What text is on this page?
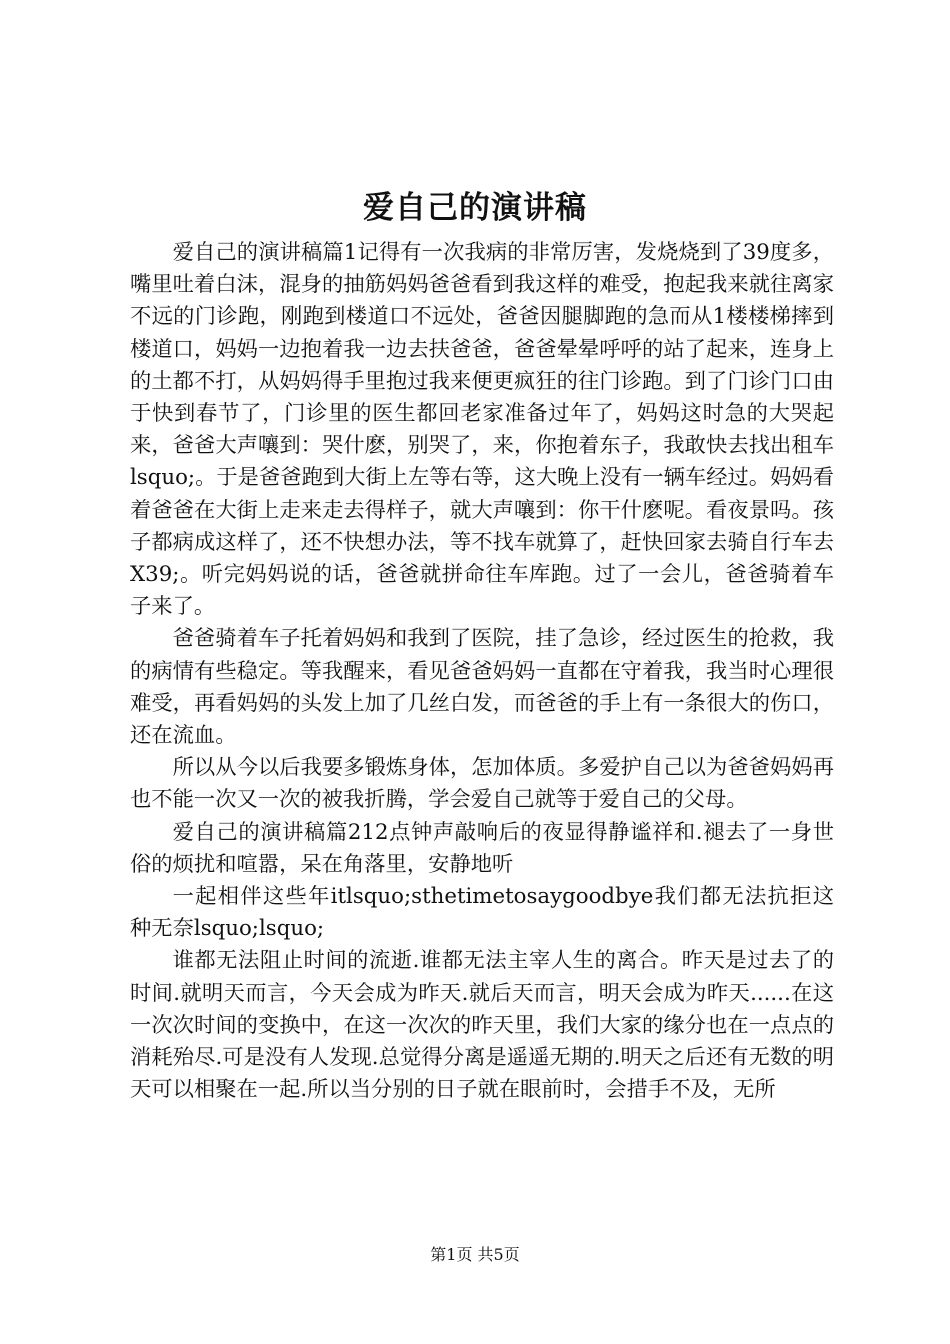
爱自己的演讲稿

爱自己的演讲稿篇1记得有一次我病的非常厉害，发烧烧到了39度多，嘴里吐着白沫，混身的抽筋妈妈爸爸看到我这样的难受，抱起我来就往离家不远的门诊跑，刚跑到楼道口不远处，爸爸因腿脚跑的急而从1楼楼梯摔到楼道口，妈妈一边抱着我一边去扶爸爸，爸爸晕晕呼呼的站了起来，连身上的土都不打，从妈妈得手里抱过我来便更疯狂的往门诊跑。到了门诊门口由于快到春节了，门诊里的医生都回老家准备过年了，妈妈这时急的大哭起来，爸爸大声嚷到：哭什麽，别哭了，来，你抱着东子，我敢快去找出租车lsquo;。于是爸爸跑到大街上左等右等，这大晚上没有一辆车经过。妈妈看着爸爸在大街上走来走去得样子，就大声嚷到：你干什麽呢。看夜景吗。孩子都病成这样了，还不快想办法，等不找车就算了，赶快回家去骑自行车去X39;。听完妈妈说的话，爸爸就拼命往车库跑。过了一会儿，爸爸骑着车子来了。

爸爸骑着车子托着妈妈和我到了医院，挂了急诊，经过医生的抢救，我的病情有些稳定。等我醒来，看见爸爸妈妈一直都在守着我，我当时心理很难受，再看妈妈的头发上加了几丝白发，而爸爸的手上有一条很大的伤口，还在流血。

所以从今以后我要多锻炼身体，怎加体质。多爱护自己以为爸爸妈妈再也不能一次又一次的被我折腾，学会爱自己就等于爱自己的父母。

爱自己的演讲稿篇212点钟声敲响后的夜显得静谧祥和.褪去了一身世俗的烦扰和喧嚣，呆在角落里，安静地听

一起相伴这些年itlsquo;sthetimetosaygoodbye我们都无法抗拒这种无奈lsquo;lsquo;

谁都无法阻止时间的流逝.谁都无法主宰人生的离合。昨天是过去了的时间.就明天而言，今天会成为昨天.就后天而言，明天会成为昨天......在这一次次时间的变换中，在这一次次的昨天里，我们大家的缘分也在一点点的消耗殆尽.可是没有人发现.总觉得分离是遥遥无期的.明天之后还有无数的明天可以相聚在一起.所以当分别的日子就在眼前时，会措手不及，无所

第1页 共5页
